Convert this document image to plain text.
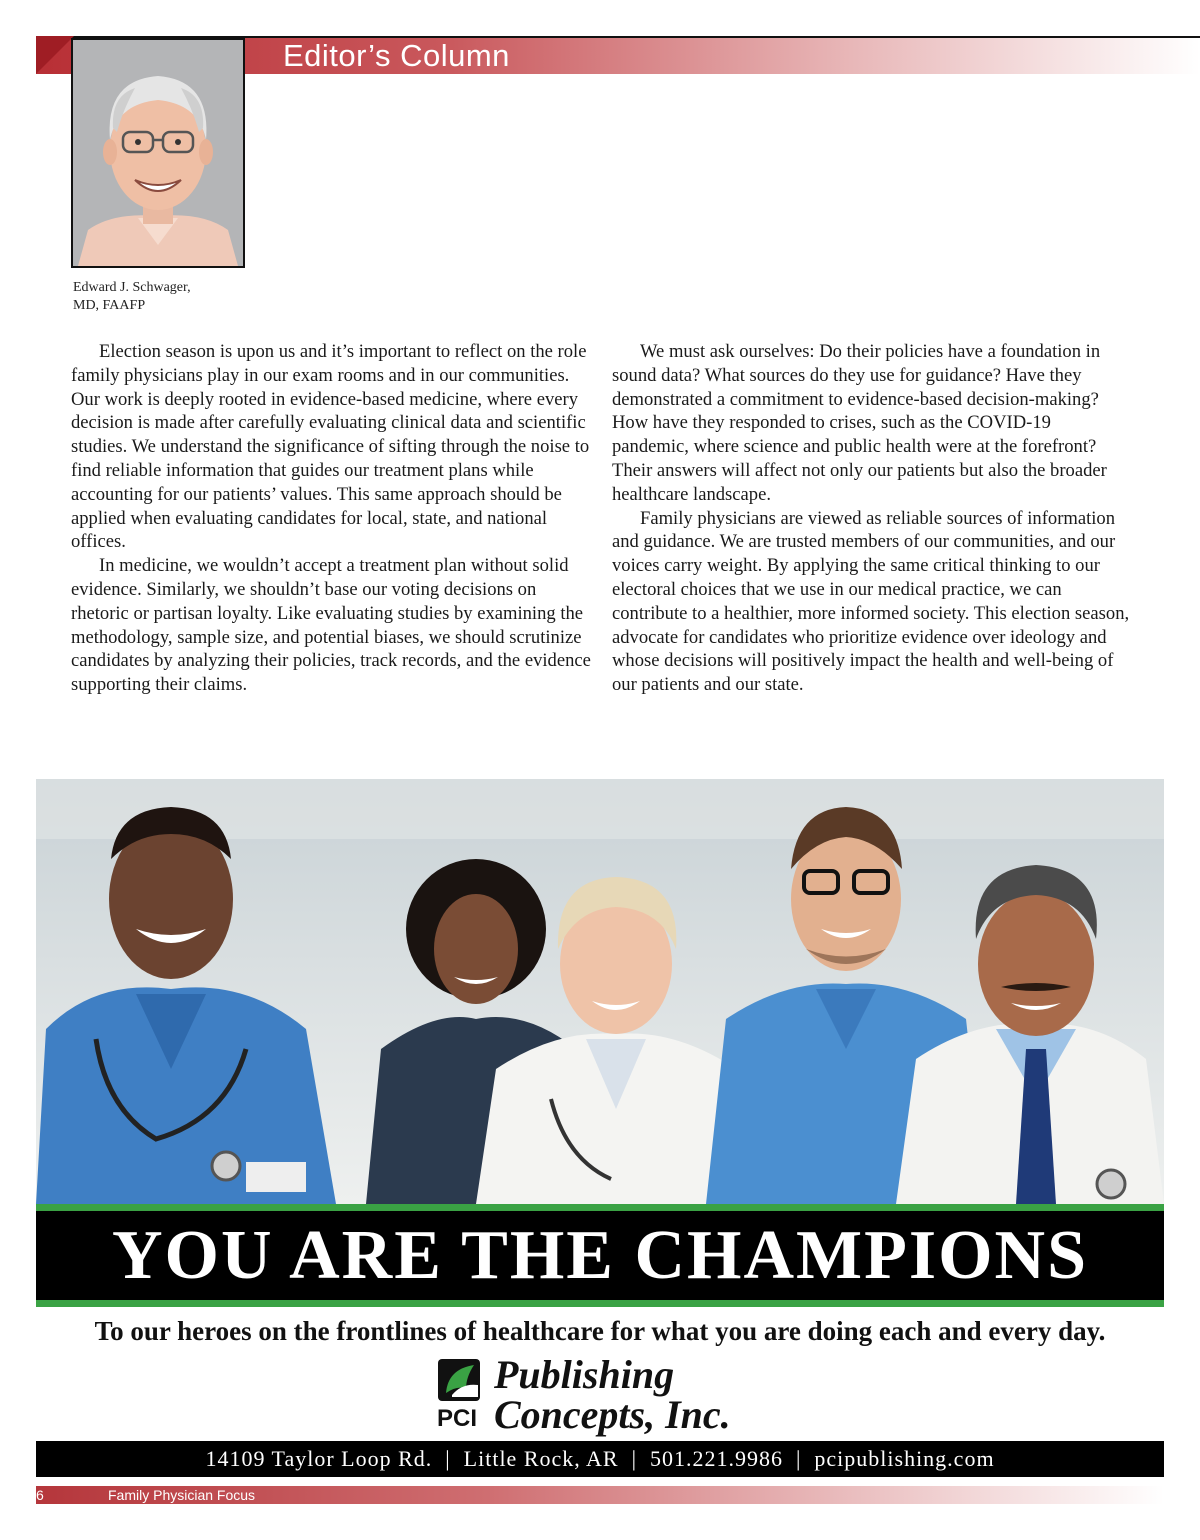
Editor’s Column
Edward J. Schwager,
MD, FAAFP

Election season is upon us and it’s important to reflect on the role family physicians play in our exam rooms and in our communities. Our work is deeply rooted in evidence-based medicine, where every decision is made after carefully evaluating clinical data and scientific studies. We understand the significance of sifting through the noise to find reliable information that guides our treatment plans while accounting for our patients’ values. This same approach should be applied when evaluating candidates for local, state, and national offices.

In medicine, we wouldn’t accept a treatment plan without solid evidence. Similarly, we shouldn’t base our voting decisions on rhetoric or partisan loyalty. Like evaluating studies by examining the methodology, sample size, and potential biases, we should scrutinize candidates by analyzing their policies, track records, and the evidence supporting their claims.

We must ask ourselves: Do their policies have a foundation in sound data? What sources do they use for guidance? Have they demonstrated a commitment to evidence-based decision-making? How have they responded to crises, such as the COVID-19 pandemic, where science and public health were at the forefront? Their answers will affect not only our patients but also the broader healthcare landscape.

Family physicians are viewed as reliable sources of information and guidance. We are trusted members of our communities, and our voices carry weight. By applying the same critical thinking to our electoral choices that we use in our medical practice, we can contribute to a healthier, more informed society. This election season, advocate for candidates who prioritize evidence over ideology and whose decisions will positively impact the health and well-being of our patients and our state.

YOU ARE THE CHAMPIONS
To our heroes on the frontlines of healthcare for what you are doing each and every day.
Publishing
PCI Concepts, Inc.
14109 Taylor Loop Rd.  |  Little Rock, AR  |  501.221.9986  |  pcipublishing.com
6	Family Physician Focus
